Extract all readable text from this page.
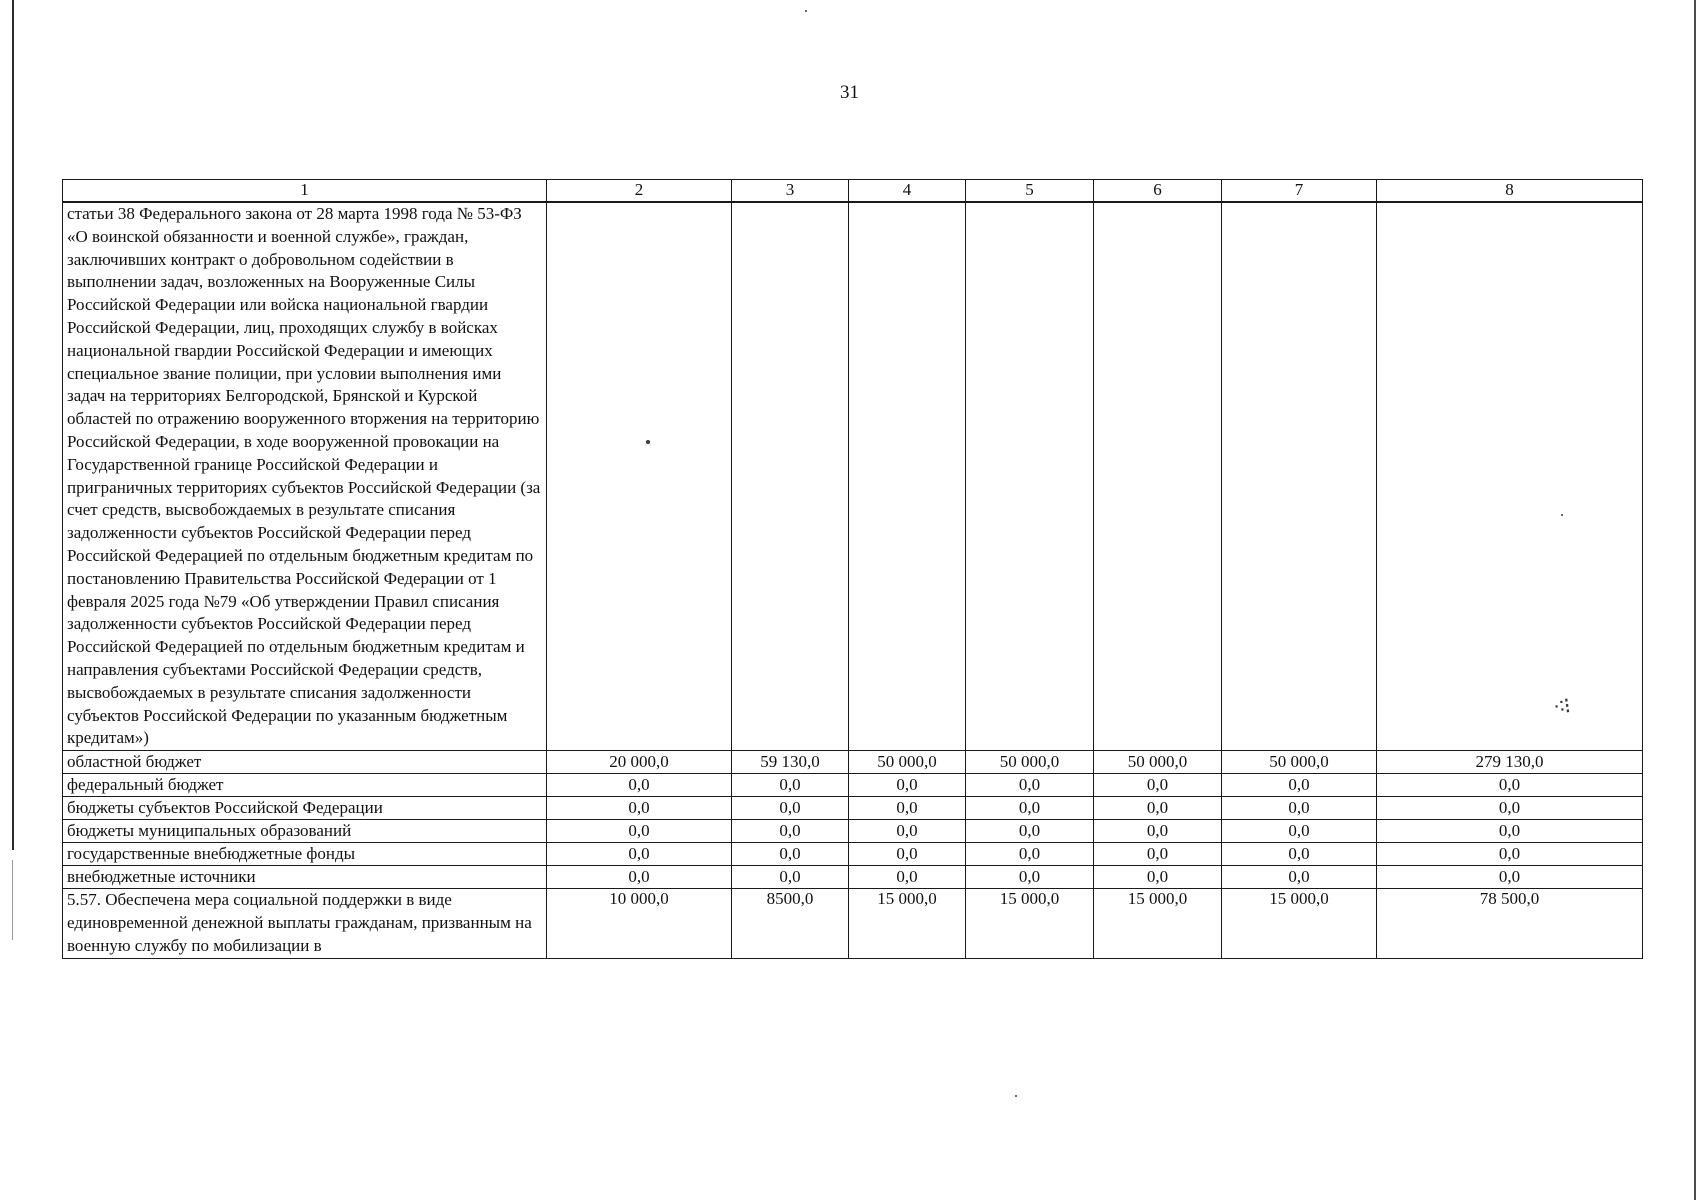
31
1	2	3	4	5	6	7	8
статьи 38 Федерального закона от 28 марта 1998 года № 53-ФЗ «О воинской обязанности и военной службе», граждан, заключивших контракт о добровольном содействии в выполнении задач, возложенных на Вооруженные Силы Российской Федерации или войска национальной гвардии Российской Федерации, лиц, проходящих службу в войсках национальной гвардии Российской Федерации и имеющих специальное звание полиции, при условии выполнения ими задач на территориях Белгородской, Брянской и Курской областей по отражению вооруженного вторжения на территорию Российской Федерации, в ходе вооруженной провокации на Государственной границе Российской Федерации и приграничных территориях субъектов Российской Федерации (за счет средств, высвобождаемых в результате списания задолженности субъектов Российской Федерации перед Российской Федерацией по отдельным бюджетным кредитам по постановлению Правительства Российской Федерации от 1 февраля 2025 года №79 «Об утверждении Правил списания задолженности субъектов Российской Федерации перед Российской Федерацией по отдельным бюджетным кредитам и направления субъектами Российской Федерации средств, высвобождаемых в результате списания задолженности субъектов Российской Федерации по указанным бюджетным кредитам»)							
областной бюджет	20 000,0	59 130,0	50 000,0	50 000,0	50 000,0	50 000,0	279 130,0
федеральный бюджет	0,0	0,0	0,0	0,0	0,0	0,0	0,0
бюджеты субъектов Российской Федерации	0,0	0,0	0,0	0,0	0,0	0,0	0,0
бюджеты муниципальных образований	0,0	0,0	0,0	0,0	0,0	0,0	0,0
государственные внебюджетные фонды	0,0	0,0	0,0	0,0	0,0	0,0	0,0
внебюджетные источники	0,0	0,0	0,0	0,0	0,0	0,0	0,0
5.57. Обеспечена мера социальной поддержки в виде единовременной денежной выплаты гражданам, призванным на военную службу по мобилизации в	10 000,0	8500,0	15 000,0	15 000,0	15 000,0	15 000,0	78 500,0
⁖⁝
